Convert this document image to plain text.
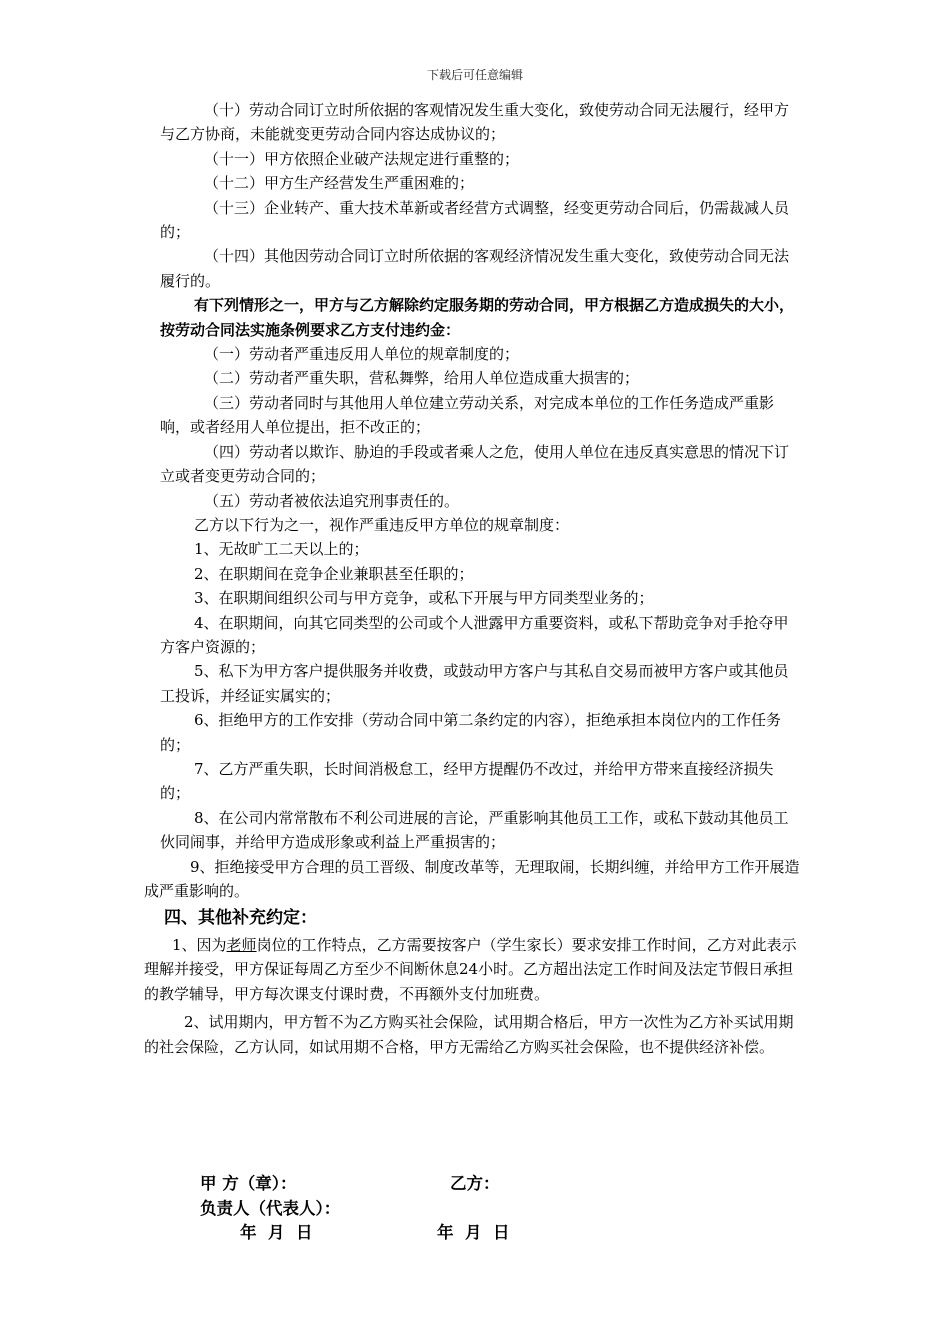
下载后可任意编辑

（十）劳动合同订立时所依据的客观情况发生重大变化，致使劳动合同无法履行，经甲方与乙方协商，未能就变更劳动合同内容达成协议的；

（十一）甲方依照企业破产法规定进行重整的；

（十二）甲方生产经营发生严重困难的；

（十三）企业转产、重大技术革新或者经营方式调整，经变更劳动合同后，仍需裁减人员的；

（十四）其他因劳动合同订立时所依据的客观经济情况发生重大变化，致使劳动合同无法履行的。

有下列情形之一，甲方与乙方解除约定服务期的劳动合同，甲方根据乙方造成损失的大小，按劳动合同法实施条例要求乙方支付违约金：

（一）劳动者严重违反用人单位的规章制度的；

（二）劳动者严重失职，营私舞弊，给用人单位造成重大损害的；

（三）劳动者同时与其他用人单位建立劳动关系，对完成本单位的工作任务造成严重影响，或者经用人单位提出，拒不改正的；

（四）劳动者以欺诈、胁迫的手段或者乘人之危，使用人单位在违反真实意思的情况下订立或者变更劳动合同的；

（五）劳动者被依法追究刑事责任的。

乙方以下行为之一，视作严重违反甲方单位的规章制度：

1、无故旷工二天以上的；

2、在职期间在竞争企业兼职甚至任职的；

3、在职期间组织公司与甲方竞争，或私下开展与甲方同类型业务的；

4、在职期间，向其它同类型的公司或个人泄露甲方重要资料，或私下帮助竞争对手抢夺甲方客户资源的；

5、私下为甲方客户提供服务并收费，或鼓动甲方客户与其私自交易而被甲方客户或其他员工投诉，并经证实属实的；

6、拒绝甲方的工作安排（劳动合同中第二条约定的内容），拒绝承担本岗位内的工作任务的；

7、乙方严重失职，长时间消极怠工，经甲方提醒仍不改过，并给甲方带来直接经济损失的；

8、在公司内常常散布不利公司进展的言论，严重影响其他员工工作，或私下鼓动其他员工伙同闹事，并给甲方造成形象或利益上严重损害的；

9、拒绝接受甲方合理的员工晋级、制度改革等，无理取闹，长期纠缠，并给甲方工作开展造成严重影响的。

四、其他补充约定：

1、因为老师岗位的工作特点，乙方需要按客户（学生家长）要求安排工作时间，乙方对此表示理解并接受，甲方保证每周乙方至少不间断休息24小时。乙方超出法定工作时间及法定节假日承担的教学辅导，甲方每次课支付课时费，不再额外支付加班费。

2、试用期内，甲方暂不为乙方购买社会保险，试用期合格后，甲方一次性为乙方补买试用期的社会保险，乙方认同，如试用期不合格，甲方无需给乙方购买社会保险，也不提供经济补偿。

甲 方（章）：	乙方：
负责人（代表人）：
年  月  日	年  月  日
